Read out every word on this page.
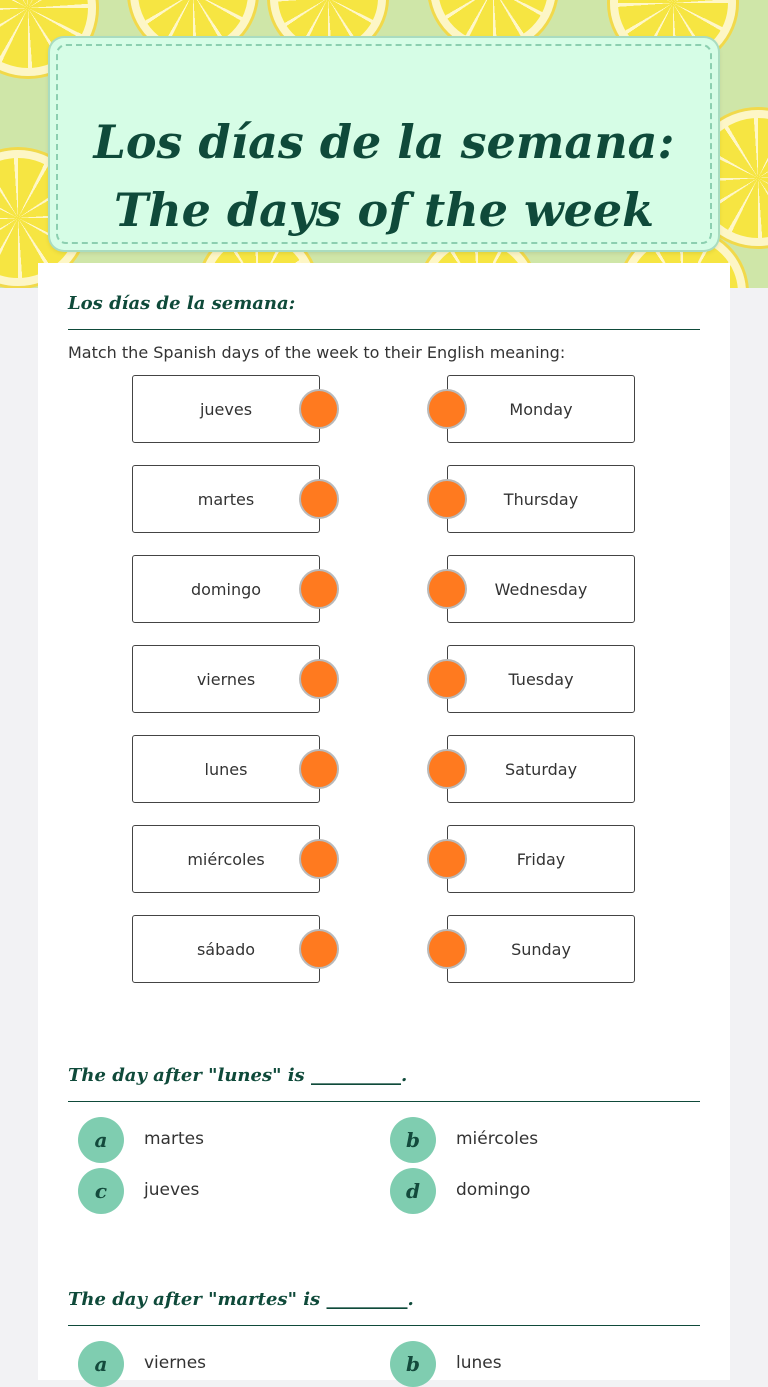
Los días de la semana:
The days of the week
Los días de la semana:
Match the Spanish days of the week to their English meaning:
jueves
martes
domingo
viernes
lunes
miércoles
sábado
Monday
Thursday
Wednesday
Tuesday
Saturday
Friday
Sunday
The day after "lunes" is __________.
a	martes	b	miércoles
c	jueves	d	domingo
The day after "martes" is _________.
a	viernes	b	lunes
